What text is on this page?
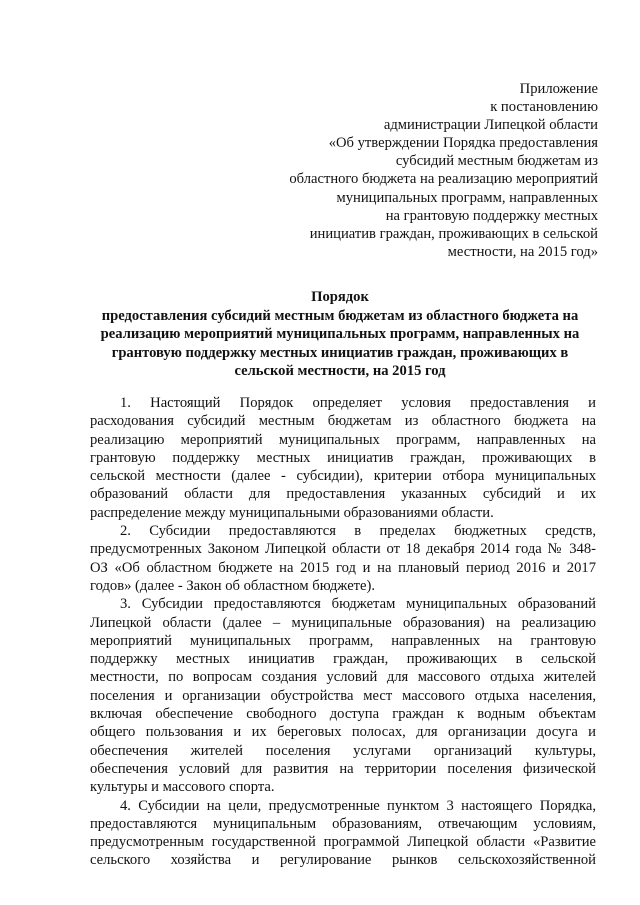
Приложение
к постановлению
администрации Липецкой области
«Об утверждении Порядка предоставления
субсидий местным бюджетам из
областного бюджета на реализацию мероприятий
муниципальных программ, направленных
на грантовую поддержку местных
инициатив граждан, проживающих в сельской
местности, на 2015 год»
Порядок
предоставления субсидий местным бюджетам из областного бюджета на
реализацию мероприятий муниципальных программ, направленных на
грантовую поддержку местных инициатив граждан, проживающих в
сельской местности, на 2015 год
1. Настоящий Порядок определяет условия предоставления и
расходования субсидий местным бюджетам из областного бюджета на
реализацию мероприятий муниципальных программ, направленных на
грантовую поддержку местных инициатив граждан, проживающих в
сельской местности (далее - субсидии), критерии отбора муниципальных
образований области для предоставления указанных субсидий и их
распределение между муниципальными образованиями области.
2. Субсидии предоставляются в пределах бюджетных средств,
предусмотренных Законом Липецкой области от 18 декабря 2014 года № 348-
ОЗ «Об областном бюджете на 2015 год и на плановый период 2016 и 2017
годов» (далее - Закон об областном бюджете).
3. Субсидии предоставляются бюджетам муниципальных образований
Липецкой области (далее – муниципальные образования) на реализацию
мероприятий муниципальных программ, направленных на грантовую
поддержку местных инициатив граждан, проживающих в сельской
местности, по вопросам создания условий для массового отдыха жителей
поселения и организации обустройства мест массового отдыха населения,
включая обеспечение свободного доступа граждан к водным объектам
общего пользования и их береговых полосах, для организации досуга и
обеспечения жителей поселения услугами организаций культуры,
обеспечения условий для развития на территории поселения физической
культуры и массового спорта.
4. Субсидии на цели, предусмотренные пунктом 3 настоящего Порядка,
предоставляются муниципальным образованиям, отвечающим условиям,
предусмотренным государственной программой Липецкой области «Развитие
сельского хозяйства и регулирование рынков сельскохозяйственной
